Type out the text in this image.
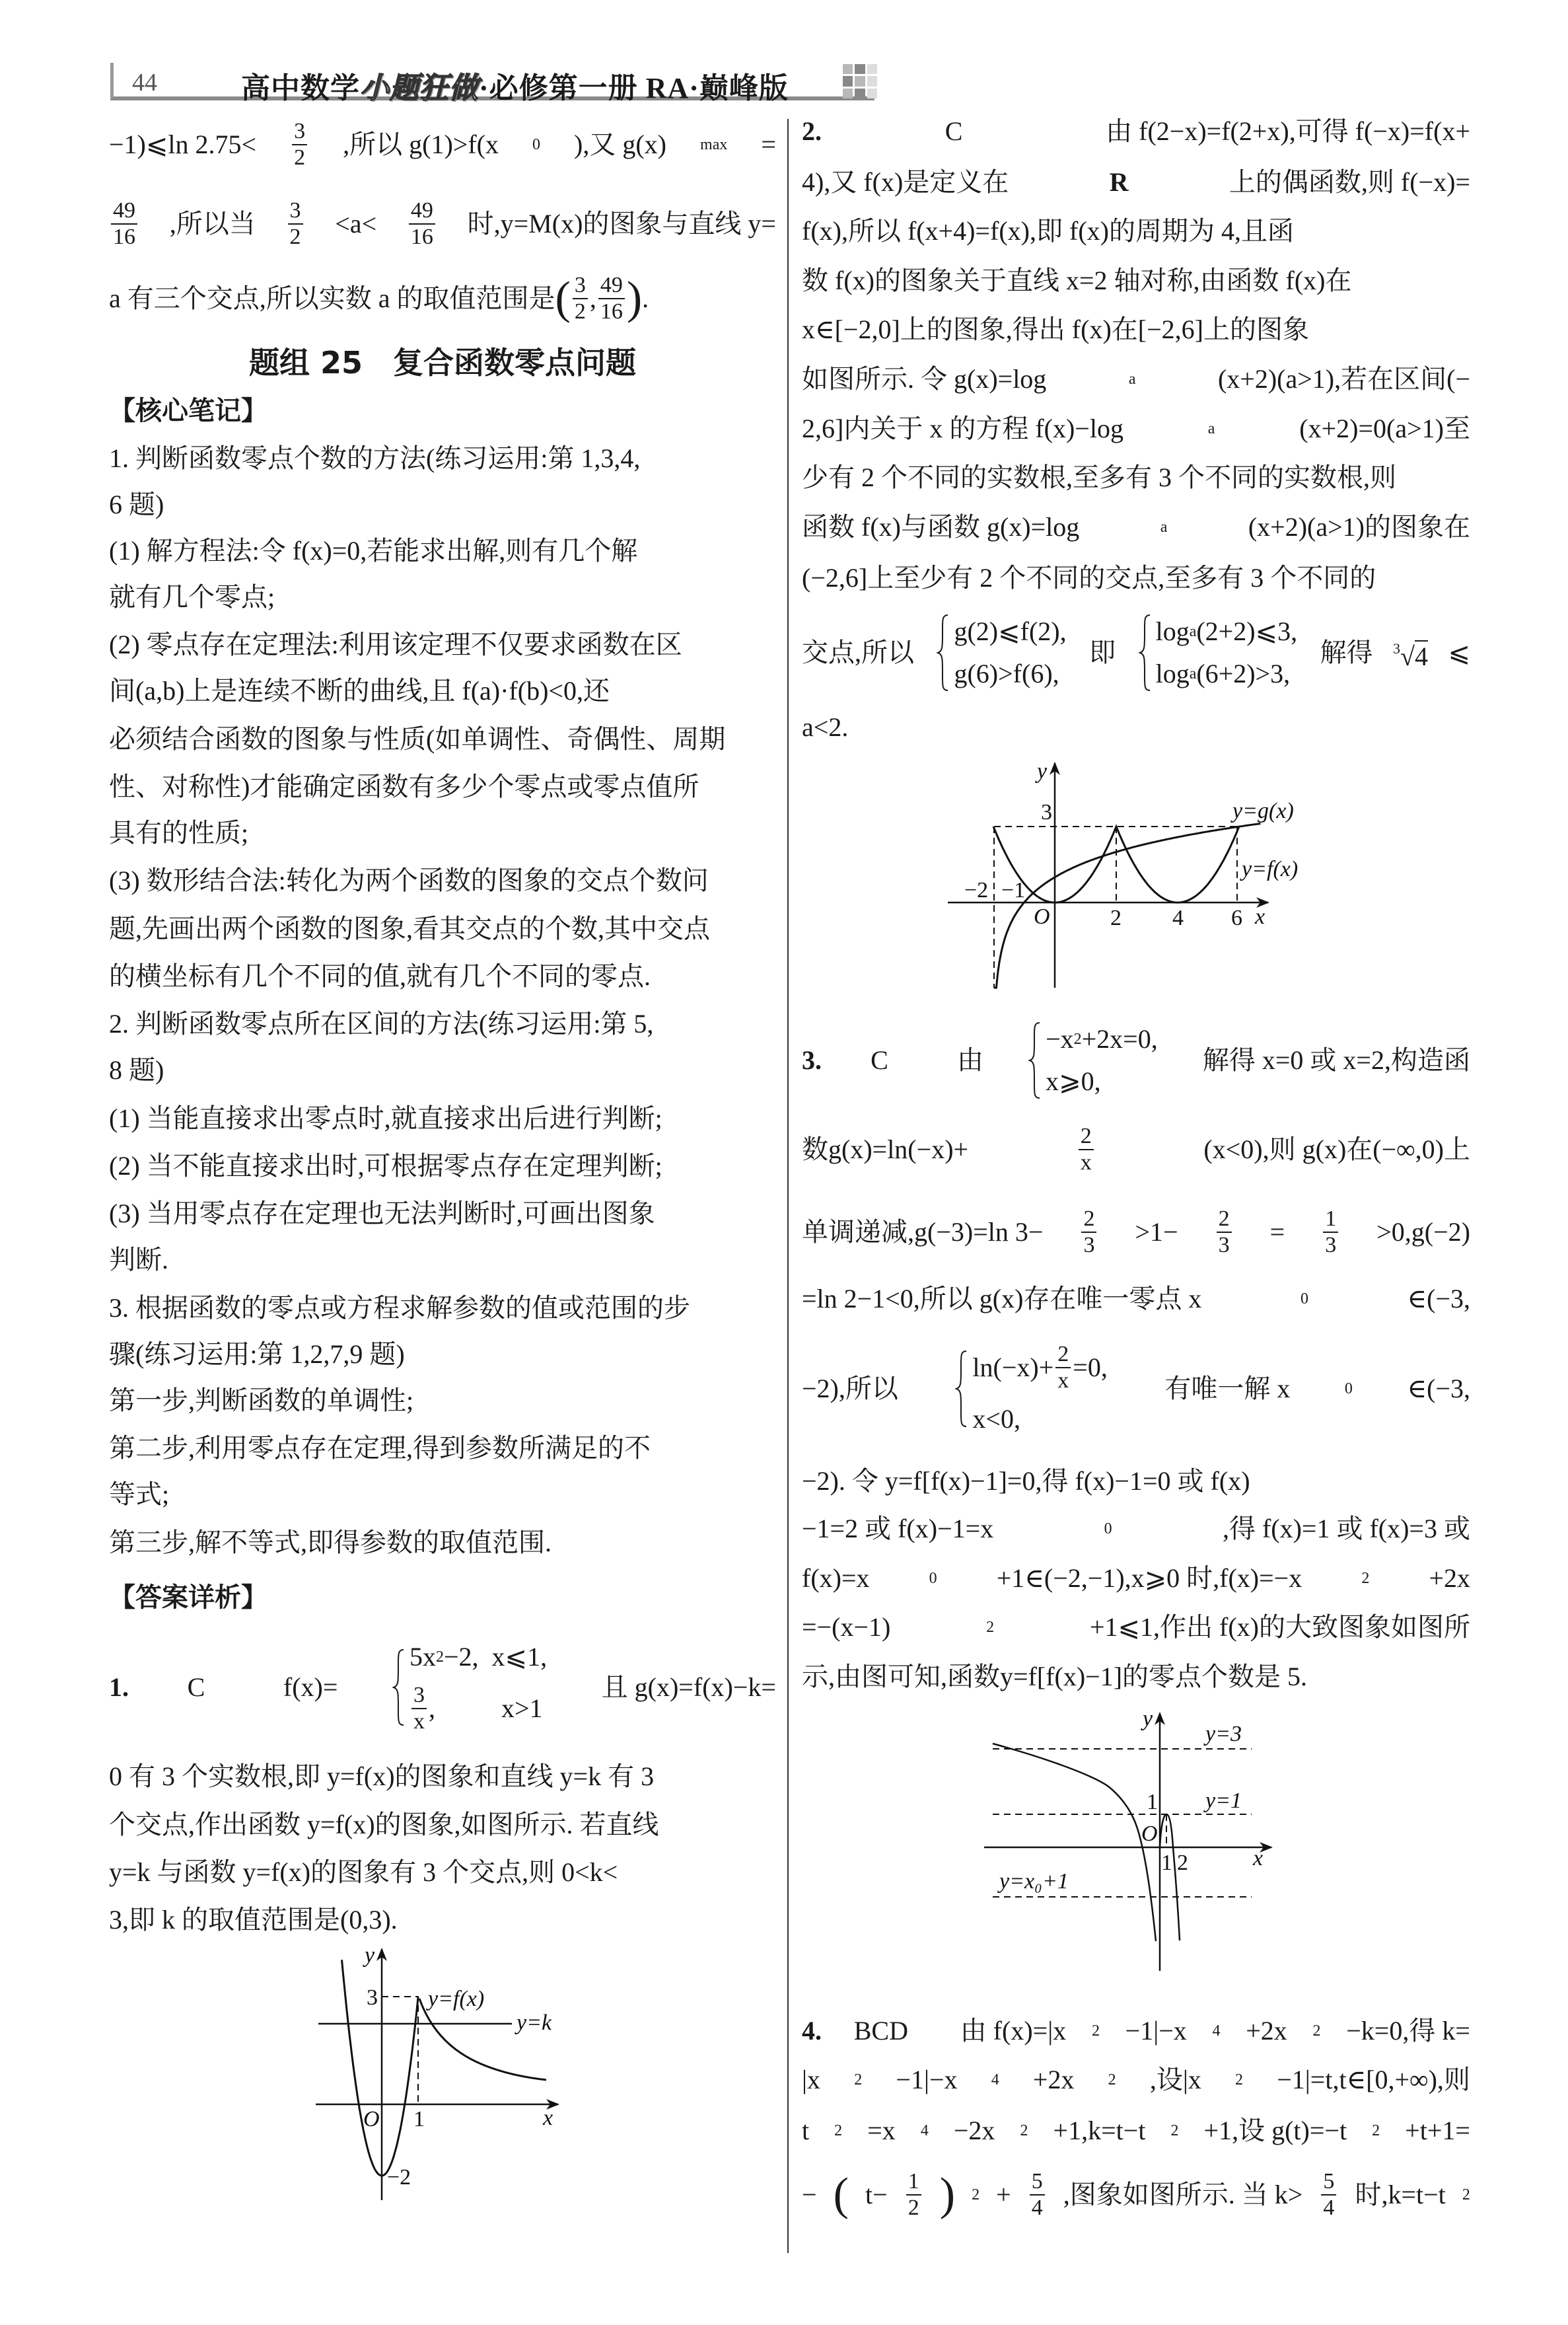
44	高中数学小题狂做·必修第一册 RA·巅峰版
−1)⩽ln $2.75< \frac{3}{2}$ ,所以 g(1)>f(x 0 ),又 g(x) max =
$\frac{49}{16}$ ,所以当 $\frac{3}{2} <a< \frac{49}{16}$ 时,y=M(x)的图象与直线 y=
a 有三个交点,所以实数 a 的取值范围是 ( $\frac{3}{2}$ , $\frac{49}{16}$ ) .
题组 25　复合函数零点问题
【核心笔记】
1. 判断函数零点个数的方法(练习运用:第 1,3,4,
6 题)
(1) 解方程法:令 f(x)=0,若能求出解,则有几个解
就有几个零点;
(2) 零点存在定理法:利用该定理不仅要求函数在区
间(a,b)上是连续不断的曲线,且 f(a)·f(b)<0,还
必须结合函数的图象与性质(如单调性、奇偶性、周期
性、对称性)才能确定函数有多少个零点或零点值所
具有的性质;
(3) 数形结合法:转化为两个函数的图象的交点个数问
题,先画出两个函数的图象,看其交点的个数,其中交点
的横坐标有几个不同的值,就有几个不同的零点.
2. 判断函数零点所在区间的方法(练习运用:第 5,
8 题)
(1) 当能直接求出零点时,就直接求出后进行判断;
(2) 当不能直接求出时,可根据零点存在定理判断;
(3) 当用零点存在定理也无法判断时,可画出图象
判断.
3. 根据函数的零点或方程求解参数的值或范围的步
骤(练习运用:第 1,2,7,9 题)
第一步,判断函数的单调性;
第二步,利用零点存在定理,得到参数所满足的不
等式;
第三步,解不等式,即得参数的取值范围.
【答案详析】
1. C　 f(x)=
5x 2 −2,  x⩽1,
$\frac{3}{x}$ ,          x>1
且 g(x)=f(x)−k=
0 有 3 个实数根,即 y=f(x)的图象和直线 y=k 有 3
个交点,作出函数 y=f(x)的图象,如图所示. 若直线
y=k 与函数 y=f(x)的图象有 3 个交点,则 0<k<
3,即 k 的取值范围是(0,3).
2.	C　	由 f(2−x)=f(2+x),可得 f(−x)=f(x+
4),又 f(x)是定义在	R	上的偶函数,则 f(−x)=
f(x),所以 f(x+4)=f(x),即 f(x)的周期为 4,且函
数 f(x)的图象关于直线 x=2 轴对称,由函数 f(x)在
x∈[−2,0]上的图象,得出 f(x)在[−2,6]上的图象
如图所示. 令 g(x)=log	a	(x+2)(a>1),若在区间(−
2,6]内关于 x 的方程 f(x)−log	a	(x+2)=0(a>1)至
少有 2 个不同的实数根,至多有 3 个不同的实数根,则
函数 f(x)与函数 g(x)=log	a	(x+2)(a>1)的图象在
(−2,6]上至少有 2 个不同的交点,至多有 3 个不同的
交点,所以
g(2)⩽f(2),
g(6)>f(6),
即
log a (2+2)⩽3,
log a (6+2)>3,
解得 $^3$√4 ⩽
a<2.
3. C　 由
−x 2 +2x=0,
x⩾0,
解得 x=0 或 x=2,构造函
数g(x)=ln(−x)+	$\frac{2}{x}$	(x<0),则 g(x)在(−∞,0)上
单调递减,g(−3)=ln $3- \frac{2}{3} >1- \frac{2}{3} = \frac{1}{3} >0,g(-2)$
=ln 2−1<0,所以 g(x)存在唯一零点 x	0	∈(−3,
−2),所以
$\ln(-x)+ \frac{2}{x} =0$,
x<0,
有唯一解 x	0 ∈(−3,
−2). 令 y=f[f(x)−1]=0,得 f(x)−1=0 或 f(x)
−1=2 或 f(x)−1=x	0	,得 f(x)=1 或 f(x)=3 或
f(x)=x	0 +1∈(−2,−1),x⩾0 时,f(x)=−x	2 +2x
=−(x−1)	2	+1⩽1,作出 f(x)的大致图象如图所
示,由图可知,函数y=f[f(x)−1]的零点个数是 5.
4. BCD　 由 f(x)=|x 2 −1|−x 4 +2x 2 −k=0,得 k=
|x 2 −1|−x 4 +2x 2 ,设|x 2 −1|=t,t∈[0,+∞),则
t 2 =x 4 −2x 2 +1,k=t−t 2 +1,设 g(t)=−t 2 +t+1=
− ( $t- \frac{1}{2}$ ) $2 + \frac{5}{4}$ ,图象如图所示. 当 $k> \frac{5}{4}$ 时,k=t−t 2
y
3 y=f(x)
y=k
O 1	x
−2
y
3	y=g(x)
y=f(x)
−2 −1
O	2 4 6 x
y
y=3
1 y=1
O
1 2	x
y=x₀+1
